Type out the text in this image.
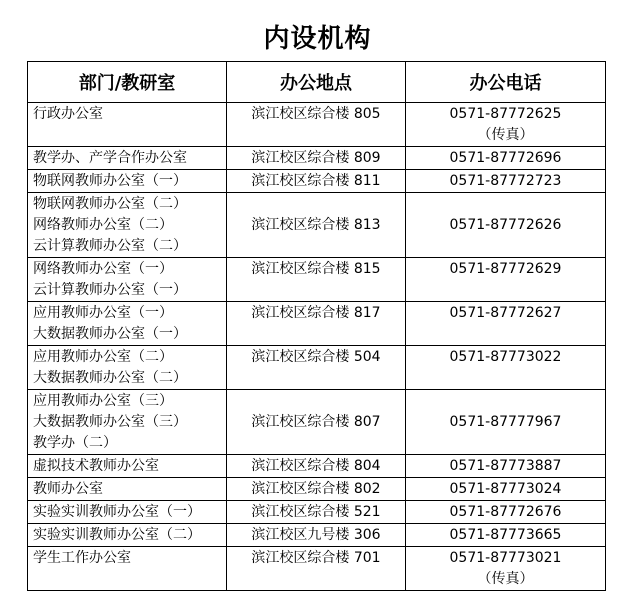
内设机构
部门/教研室	办公地点	办公电话

行政办公室	滨江校区综合楼 805	0571-87772625
（传真）

教学办、产学合作办公室	滨江校区综合楼 809	0571-87772696

物联网教师办公室（一）	滨江校区综合楼 811	0571-87772723

物联网教师办公室（二）
网络教师办公室（二）
云计算教师办公室（二）	滨江校区综合楼 813	0571-87772626

网络教师办公室（一）
云计算教师办公室（一）	滨江校区综合楼 815	0571-87772629

应用教师办公室（一）
大数据教师办公室（一）	滨江校区综合楼 817	0571-87772627

应用教师办公室（二）
大数据教师办公室（二）	滨江校区综合楼 504	0571-87773022

应用教师办公室（三）
大数据教师办公室（三）
教学办（二）	滨江校区综合楼 807	0571-87777967

虚拟技术教师办公室	滨江校区综合楼 804	0571-87773887

教师办公室	滨江校区综合楼 802	0571-87773024

实验实训教师办公室（一）	滨江校区综合楼 521	0571-87772676

实验实训教师办公室（二）	滨江校区九号楼 306	0571-87773665

学生工作办公室	滨江校区综合楼 701	0571-87773021
（传真）
